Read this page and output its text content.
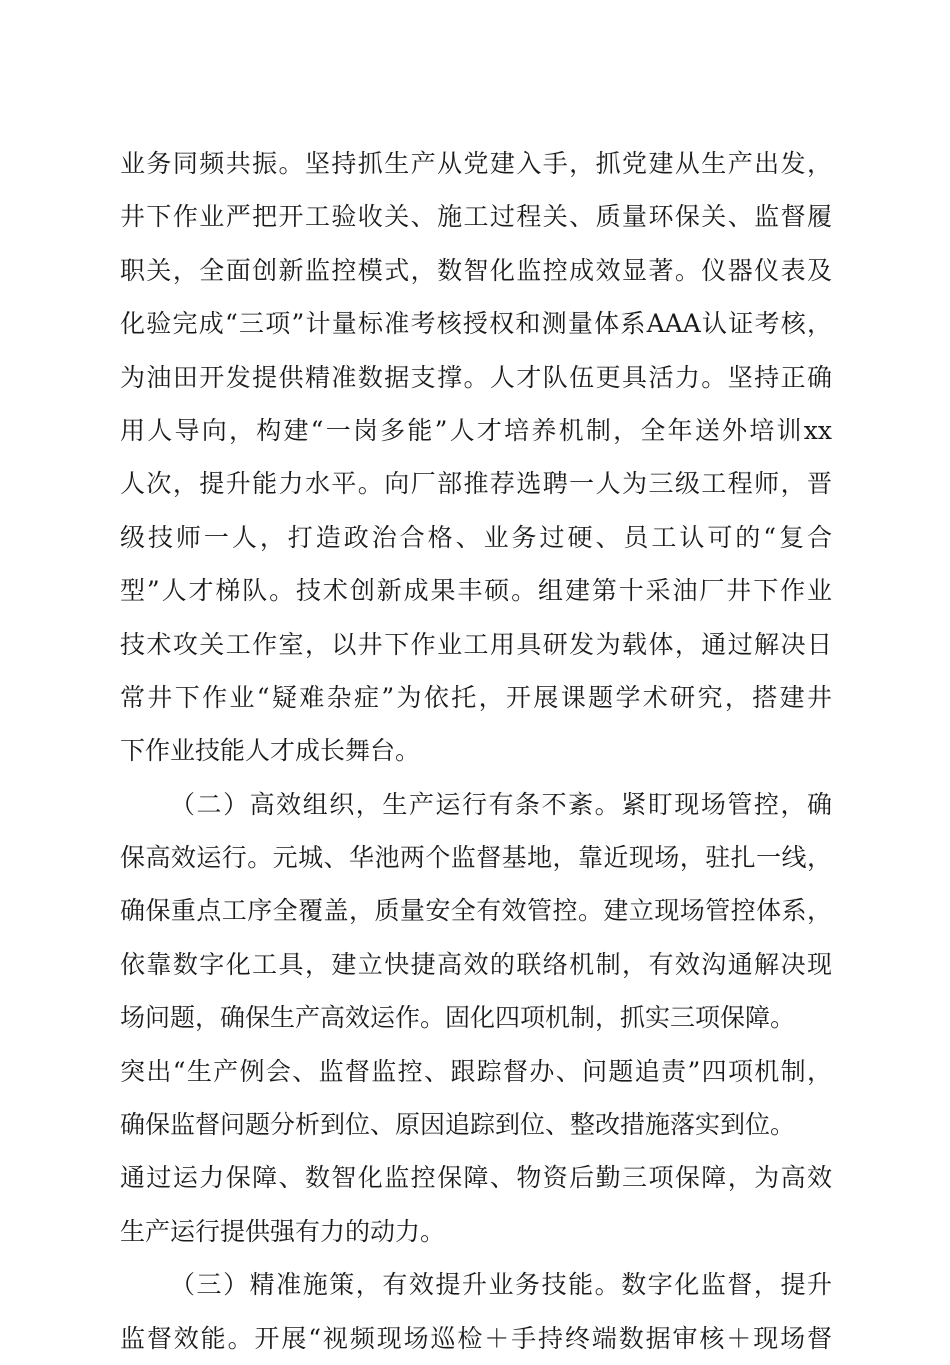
业务同频共振。坚持抓生产从党建入手，抓党建从生产出发，
井下作业严把开工验收关、施工过程关、质量环保关、监督履
职关，全面创新监控模式，数智化监控成效显著。仪器仪表及
化验完成“三项”计量标准考核授权和测量体系AAA认证考核，
为油田开发提供精准数据支撑。人才队伍更具活力。坚持正确
用人导向，构建“一岗多能”人才培养机制，全年送外培训xx
人次，提升能力水平。向厂部推荐选聘一人为三级工程师，晋
级技师一人，打造政治合格、业务过硬、员工认可的“复合
型”人才梯队。技术创新成果丰硕。组建第十采油厂井下作业
技术攻关工作室，以井下作业工用具研发为载体，通过解决日
常井下作业“疑难杂症”为依托，开展课题学术研究，搭建井
下作业技能人才成长舞台。
（二）高效组织，生产运行有条不紊。紧盯现场管控，确
保高效运行。元城、华池两个监督基地，靠近现场，驻扎一线，
确保重点工序全覆盖，质量安全有效管控。建立现场管控体系，
依靠数字化工具，建立快捷高效的联络机制，有效沟通解决现
场问题，确保生产高效运作。固化四项机制，抓实三项保障。
突出“生产例会、监督监控、跟踪督办、问题追责”四项机制，
确保监督问题分析到位、原因追踪到位、整改措施落实到位。
通过运力保障、数智化监控保障、物资后勤三项保障，为高效
生产运行提供强有力的动力。
（三）精准施策，有效提升业务技能。数字化监督，提升
监督效能。开展“视频现场巡检＋手持终端数据审核＋现场督
